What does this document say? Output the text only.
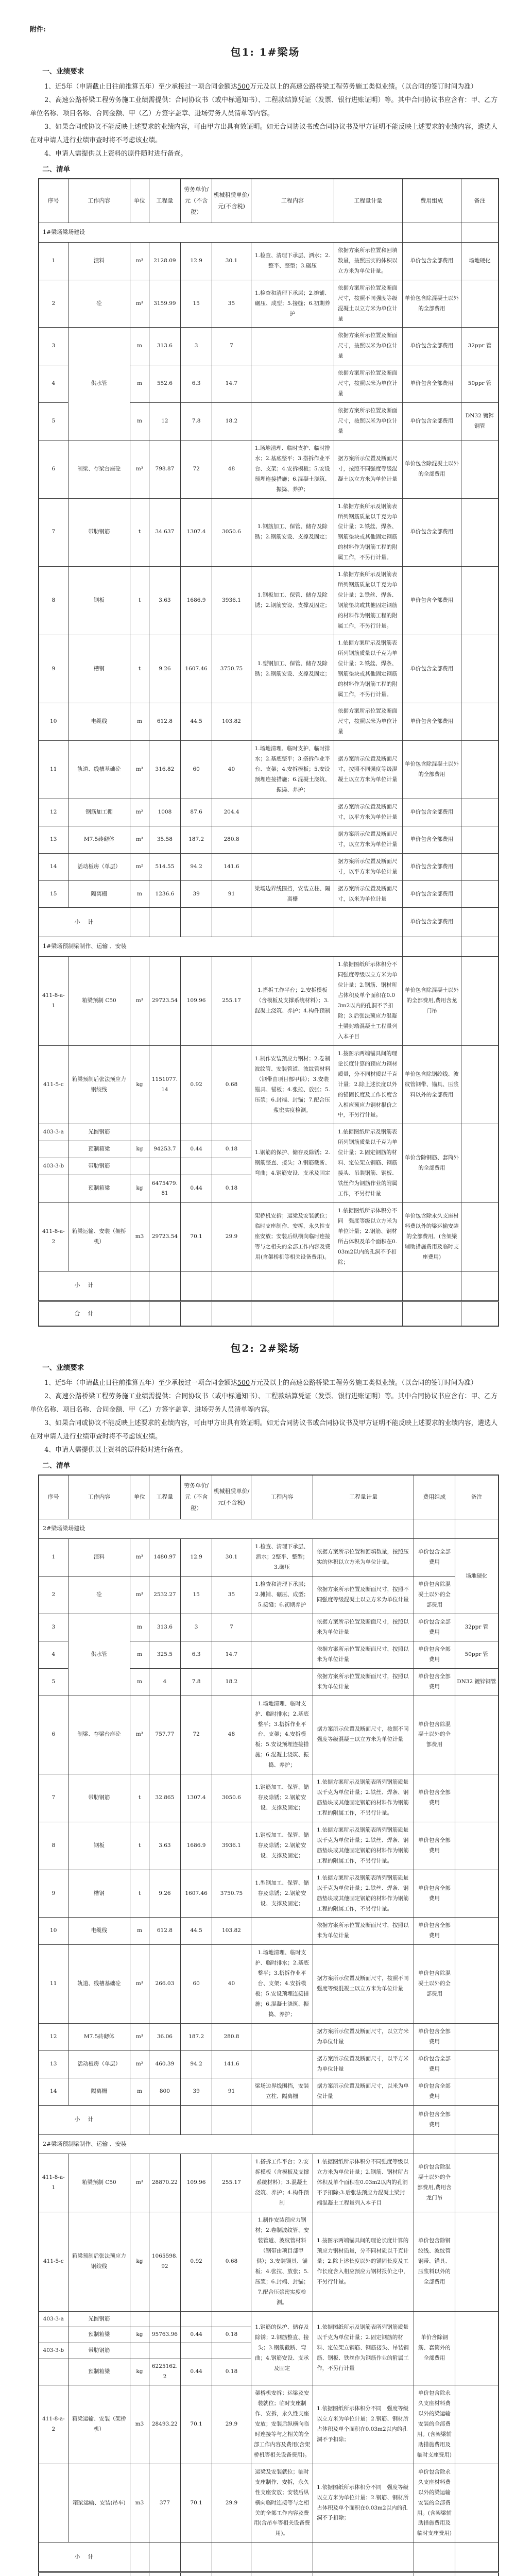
附件:

包1: 1#梁场

一、业绩要求

1、近5年（申请截止日往前推算五年）至少承接过一项合同金额达500万元及以上的高速公路桥梁工程劳务施工类似业绩。（以合同的签订时间为准）

2、高速公路桥梁工程劳务施工业绩需提供：合同协议书（或中标通知书）、工程款结算凭证（发票、银行进账证明）等。其中合同协议书应含有：甲、乙方单位名称、项目名称、合同金额、甲（乙）方签字盖章、进场劳务人员清单等内容。

3、如果合同或协议不能反映上述要求的业绩内容，可由甲方出具有效证明。如无合同协议书或合同协议书及甲方证明不能反映上述要求的业绩内容，遴选人在对申请人进行业绩审查时将不考虑该业绩。

4、申请人需提供以上资料的原件随时进行备查。

二、清单

序号	工作内容	单位	工程量	劳务单价/元（不含税）	机械租赁单价/元(不含税)	工程内容	工程量计量	费用组成	备注
1#梁场梁场建设									
1	渣料	m³	2128.09	12.9	30.1	1.检查、清理下承层、洒水；2.整平、整型；3.碾压	依据方案所示位置和回填数量，按照压实的体积以立方米为单位计量。	单价包含全部费用	场地硬化
2	砼	m³	3159.99	15	35	1.检查和清理下承层；2.摊铺、碾压、成型；5.接缝；6.初期养护	依据方案所示位置及断面尺寸，按照不同强度等级混凝土以立方米为单位计量	单价包含除混凝土以外的全部费用	
3	供水管	m	313.6	3	7		依据方案所示位置及断面尺寸，按照以米为单位计量	单价包含全部费用	32ppr 管
4		m	552.6	6.3	14.7		依据方案所示位置及断面尺寸，按照以米为单位计量	单价包含全部费用	50ppr 管
5		m	12	7.8	18.2		依据方案所示位置及断面尺寸，按照以米为单位计量	单价包含全部费用	DN32 镀锌钢管
6	制梁、存梁台座砼	m³	798.87	72	48	1.场地清理、临时支护、临时排水；2.基底整平；3.搭拆作业平台、支架；4.安拆模板；5.安设预埋连接措施；6.混凝土浇筑、振捣、养护；	据方案所示位置及断面尺寸，按照不同强度等级混凝土以立方米为单位计量	单价包含除混凝土以外的全部费用	
7	带肋钢筋	t	34.637	1307.4	3050.6	1.钢筋加工、保管、储存及除锈；2.钢筋安设、支撑及固定；	1.依据方案所示及钢筋表所列钢筋质量以千克为单位计量；2.铁丝、焊条、钢筋垫块或其他固定钢筋的材料作为钢筋工程的附属工作，不另行计量。	单价包含全部费用	
8	钢板	t	3.63	1686.9	3936.1	1.钢板加工、保管、储存及除锈；2.钢筋安设、支撑及固定；	1.依据方案所示及钢筋表所列钢筋质量以千克为单位计量；2.铁丝、焊条、钢筋垫块或其他固定钢筋的材料作为钢筋工程的附属工作，不另行计量。	单价包含全部费用	
9	槽钢	t	9.26	1607.46	3750.75	1.型钢加工、保管、储存及除锈；2.钢筋安设、支撑及固定；	1.依据方案所示及钢筋表所列钢筋质量以千克为单位计量；2.铁丝、焊条、钢筋垫块或其他固定钢筋的材料作为钢筋工程的附属工作，不另行计量。	单价包含全部费用	
10	电缆线	m	612.8	44.5	103.82		依据方案所示位置及断面尺寸，按照以米为单位计量	单价包含全部费用	
11	轨道、线槽基础砼	m³	316.82	60	40	1.场地清理、临时支护、临时排水；2.基底整平；3.搭拆作业平台、支架；4.安拆模板；5.安设预埋连接措施；6.混凝土浇筑、振捣、养护；	据方案所示位置及断面尺寸，按照不同强度等级混凝土以立方米为单位计量	单价包含除混凝土以外的全部费用	
12	钢筋加工棚	m²	1008	87.6	204.4		据方案所示位置及断面尺寸，以平方米为单位计量	单价包含全部费用	
13	M7.5砖砌体	m³	35.58	187.2	280.8		据方案所示位置及断面尺寸，以立方米为单位计量	单价包含全部费用	
14	活动板房（单层）	m²	514.55	94.2	141.6		据方案所示位置及断面尺寸，以平方米为单位计量	单价包含全部费用	
15	隔离栅	m	1236.6	39	91	梁场边界线围挡，安装立柱、隔离栅	据方案所示位置及断面尺寸，以米为单位计量	单价包含全部费用	
小　计								单价包含全部费用	
1#梁场预制梁制作、运输 、安装									
411-8-a-1	箱梁预制 C50	m³	29723.54	109.96	255.17	1.搭拆工作平台；2.安拆模板（含模板及支撑系统材料）；3.混凝土浇筑、养护；4.构件预制	1.依据图纸所示体积分不同强度等级以立方米为单位计量；2.钢筋、钢材所占体积及单个面积在0.03m2以内的孔洞不予扣除；3.后张法预应力混凝土梁封端混凝土工程量列入本子目	单价包含除混凝土以外的全部费用,费用含龙门吊	
411-5-c	箱梁预制后张法预应力钢绞线	kg	1151077.14	0.92	0.68	1.制作安装预应力钢材；2.卷制波纹管、安装管道、波纹管材料（钢带由项目部甲供）；3.安装锚具、锚板；4.张拉、放张；5.压浆；6.封端、封锚；7.配合压浆密实度检测。	1.按图示两端锚具间的理论长度计算的预应力钢材质量，分不同材质以千克计量；2.除上述长度以外的锚固长度及工作长度含入相应预应力钢材报价之中，不另行计量。	单价包含除钢绞线、波纹管钢带、锚具、压浆料以外的全部费用	
403-3-a	光圆钢筋					1.钢筋的保护、储存及除锈；2.钢筋整直、接头；3.钢筋截断、弯曲；4.钢筋安设、支承及固定	1.依据图纸所示及钢筋表所列钢筋质量以千克为单位计量；2.固定钢筋的材料、定位架立钢筋、钢筋接头、吊装钢筋、钢板、铁丝作为钢筋作业的附属工作，不另行计量	单价含除钢筋、套筒外的全部费用	
	预制箱梁	kg	94253.7	0.44	0.18				
403-3-b	带肋钢筋								
	预制箱梁	kg	6475479.81	0.44	0.18				
411-8-a-2	箱梁运输、安装（架桥机）	m3	29723.54	70.1	29.9	架桥机安拆；运梁及安装就位；临时支座制作、安拆，永久性支座安放；安装后纵横向临时连接等与之相关的全部工作内容及费用(含架桥机等相关设备费用)。	1.依据图纸所示体积分不同　强度等级以立方米为单位计量；2.钢筋、钢材所占体积及单个面积在0.03m2以内的孔洞不予扣除；	单价包含除永久支座材料费以外的梁运输安装的全部费用。(含架梁辅助措施费用及临时支座费用)	
小　计									
合　计									
包2: 2#梁场

一、业绩要求

1、近5年（申请截止日往前推算五年）至少承接过一项合同金额达500万元及以上的高速公路桥梁工程劳务施工类似业绩。（以合同的签订时间为准）

2、高速公路桥梁工程劳务施工业绩需提供：合同协议书（或中标通知书）、工程款结算凭证（发票、银行进账证明）等。其中合同协议书应含有：甲、乙方单位名称、项目名称、合同金额、甲（乙）方签字盖章、进场劳务人员清单等内容。

3、如果合同或协议不能反映上述要求的业绩内容，可由甲方出具有效证明。如无合同协议书或合同协议书及甲方证明不能反映上述要求的业绩内容，遴选人在对申请人进行业绩审查时将不考虑该业绩。

4、申请人需提供以上资料的原件随时进行备查。

二、清单

序号	工作内容	单位	工程量	劳务单价/元（不含税）	机械租赁单价/元(不含税)	工程内容	工程量计量	费用组成	备注
2#梁场梁场建设									
1	渣料	m³	1480.97	12.9	30.1	1.检查、清理下承层、洒水；2整平、整型；3.碾压	依据方案所示位置和回填数量，按照压实的体积以立方米为单位计量。	单价包含全部费用	场地硬化
2	砼	m³	2532.27	15	35	1.检查和清理下承层；2.摊铺、碾压、成型；5.接缝；6.初期养护	依据方案所示位置及断面尺寸，按照不同强度等级混凝土以立方米为单位计量	单价包含除混凝土以外的全部费用	
3	供水管	m	313.6	3	7		依据方案所示位置及断面尺寸，按照以米为单位计量	单价包含全部费用	32ppr 管
4		m	325.5	6.3	14.7		依据方案所示位置及断面尺寸，按照以米为单位计量	单价包含全部费用	50ppr 管
5		m	4	7.8	18.2		依据方案所示位置及断面尺寸，按照以米为单位计量	单价包含全部费用	DN32 镀锌钢管
6	制梁、存梁台座砼	m³	757.77	72	48	1.场地清理、临时支护、临时排水；2.基底整平；3.搭拆作业平台、支架；4.安拆模板；5.安设预埋连接措施；6.混凝土浇筑、振捣、养护；	据方案所示位置及断面尺寸，按照不同强度等级混凝土以立方米为单位计量	单价包含除混凝土以外的全部费用	
7	带肋钢筋	t	32.865	1307.4	3050.6	1.钢筋加工、保管、储存及除锈；2.钢筋安设、支撑及固定；	1.依据方案所示及钢筋表所列钢筋质量以千克为单位计量；2.铁丝、焊条、钢筋垫块或其他固定钢筋的材料作为钢筋工程的附属工作，不另行计量。	单价包含全部费用	
8	钢板	t	3.63	1686.9	3936.1	1.钢板加工、保管、储存及除锈；2.钢筋安设、支撑及固定；	1.依据方案所示及钢筋表所列钢筋质量以千克为单位计量；2.铁丝、焊条、钢筋垫块或其他固定钢筋的材料作为钢筋工程的附属工作，不另行计量。	单价包含全部费用	
9	槽钢	t	9.26	1607.46	3750.75	1.型钢加工、保管、储存及除锈；2.钢筋安设、支撑及固定；	1.依据方案所示及钢筋表所列钢筋质量以千克为单位计量；2.铁丝、焊条、钢筋垫块或其他固定钢筋的材料作为钢筋工程的附属工作，不另行计量。	单价包含全部费用	
10	电缆线	m	612.8	44.5	103.82		依据方案所示位置及断面尺寸，按照以米为单位计量	单价包含全部费用	
11	轨道、线槽基础砼	m³	266.03	60	40	1.场地清理、临时支护、临时排水；2.基底整平；3.搭拆作业平台、支架；4.安拆模板；5.安设预埋连接措施；6.混凝土浇筑、振捣、养护；	据方案所示位置及断面尺寸，按照不同强度等级混凝土以立方米为单位计量	单价包含除混凝土以外的全部费用	
12	M7.5砖砌体	m³	36.06	187.2	280.8		据方案所示位置及断面尺寸，以立方米为单位计量	单价包含全部费用	
13	活动板房（单层）	m²	460.39	94.2	141.6		据方案所示位置及断面尺寸，以平方米为单位计量	单价包含全部费用	
14	隔离栅	m	800	39	91	梁场边界线围挡，安装立柱、隔离栅	据方案所示位置及断面尺寸，以米为单位计量	单价包含全部费用	
小　计								单价包含全部费用	
2#梁场预制梁制作、运输 、安装									
411-8-a-1	箱梁预制 C50	m³	28870.22	109.96	255.17	1.搭拆工作平台；2.安拆模板（含模板及支撑系统材料）；3.混凝土浇筑、养护；4.构件预制	1.依据图纸所示体积分不同强度等级以立方米为单位计量；2.钢筋、钢材所占体积及单个面积在0.03m2以内的孔洞不予扣除;3.后张法预应力混凝土梁封端混凝土工程量列入本子目	单价包含除混凝土以外的全部费用,费用含龙门吊	
411-5-c	箱梁预制后张法预应力钢绞线	kg	1065598.92	0.92	0.68	1.制作安装预应力钢材；2.卷制波纹管、安装管道、波纹管材料（钢带由项目部甲供）；3.安装锚具、锚板；4.张拉、放张；5.压浆；6.封端、封锚；7.配合压浆密实度检测。	1.按图示两端锚具间的理论长度计算的预应力钢材质量，分不同材质以千克计量；2.除上述长度以外的锚固长度及工作长度含入相应预应力钢材报价之中，不另行计量。	单价包含除钢绞线、波纹管钢带、锚具、压浆料以外的全部费用	
403-3-a	光圆钢筋					1.钢筋的保护、储存及除锈；2.钢筋整直、接头；3.钢筋截断、弯曲；4.钢筋安设、支承及固定	1.依据图纸所示及钢筋表所列钢筋质量以千克为单位计量；2.固定钢筋的材料、定位架立钢筋、钢筋接头、吊装钢筋、钢板、铁丝作为钢筋作业的附属工作，不另行计量	单价含除钢筋、套筒外的全部费用	
	预制箱梁	kg	95763.96	0.44	0.18				
403-3-b	带肋钢筋								
	预制箱梁	kg	6225162.2	0.44	0.18				
411-8-a-2	箱梁运输、安装（架桥机）	m3	28493.22	70.1	29.9	架桥机安拆；运梁及安装就位；临时支座制作、安拆，永久性支座安放；安装后纵横向临时连接等与之相关的全部工作内容及费用(含架桥机等相关设备费用)。	1.依据图纸所示体积分不同　强度等级以立方米为单位计量；2.钢筋、钢材所占体积及单个面积在0.03m2以内的孔洞不予扣除；	单价包含除永久支座材料费以外的梁运输安装的全部费用。(含架梁辅助措施费用及临时支座费用)	
	箱梁运输、安装(吊车)	m3	377	70.1	29.9	运梁及安装就位；临时支座制作、安拆，永久性支座安放；安装后纵横向临时连接等与之相关的全部工作内容及费用(含吊车等相关设备费用)。	1.依据图纸所示体积分不同　强度等级以立方米为单位计量；2.钢筋、钢材所占体积及单个面积在0.03m2以内的孔洞不予扣除；	单价包含除永久支座材料费以外的梁运输安装的全部费用。(含架梁辅助措施费用及临时支座费用)	
小　计									
